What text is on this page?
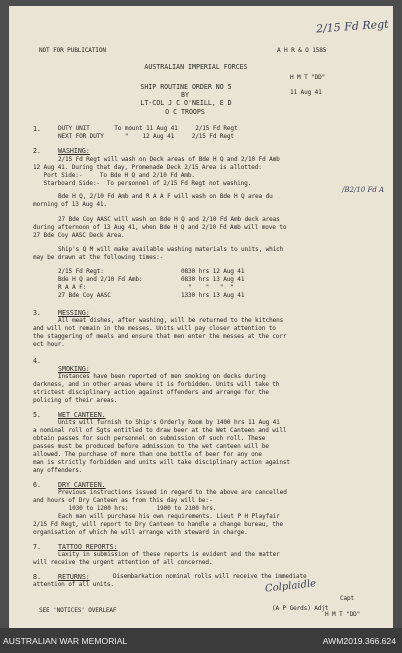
2/15 Fd Regt
NOT FOR PUBLICATION	A H R & O 1585
AUSTRALIAN IMPERIAL FORCES
SHIP ROUTINE ORDER NO 5
H M T "DD"
BY	11 Aug 41
LT-COL J C O'NEILL, E D
O C TROOPS
1.	DUTY UNIT       To mount 11 Aug 41     2/15 Fd Regt
NEXT FOR DUTY      "    12 Aug 41     2/15 Fd Regt
2.	WASHING:
2/15 Fd Regt will wash on Deck areas of Bde H Q and 2/10 Fd Amb
12 Aug 41. During that day, Promenade Deck 2/15 Area is allotted:
Port Side:-     To Bde H Q and 2/10 Fd Amb.
Starboard Side:-  To personnel of 2/15 Fd Regt not washing.
Bde H Q, 2/10 Fd Amb and R A A F will wash on Bde H Q area du
/B2/10 Fd A
morning of 13 Aug 41.
27 Bde Coy AASC will wash on Bde H Q and 2/10 Fd Amb deck areas
during afternoon of 13 Aug 41, when Bde H Q and 2/10 Fd Amb will move to
27 Bde Coy AASC Deck Area.
Ship's Q M will make available washing materials to units, which
may be drawn at the following times:-
2/15 Fd Regt:	0830 hrs 12 Aug 41
Bde H Q and 2/10 Fd Amb:	0830 hrs 13 Aug 41
R A A F:	"    "   "  "
27 Bde Coy AASC	1330 hrs 13 Aug 41
3.	MESSING:
All meat dishes, after washing, will be returned to the kitchens
and will not remain in the messes. Units will pay closer attention to
the staggering of meals and ensure that men enter the messes at the corr
ect hour.
4.
SMOKING:
Instances have been reported of men smoking on decks during
darkness, and in other areas where it is forbidden. Units will take th
strictest disciplinary action against offenders and arrange for the
policing of their areas.
5.	WET CANTEEN.
Units will furnish to Ship's Orderly Room by 1400 hrs 11 Aug 41
a nominal roll of Sgts entitled to draw beer at the Wet Canteen and will
obtain passes for such personnel on submission of such roll. These
passes must be produced before admission to the wet canteen will be
allowed. The purchase of more than one bottle of beer for any one
man is strictly forbidden and units will take disciplinary action against
any offenders.
6.	DRY CANTEEN.
Previous instructions issued in regard to the above are cancelled
and hours of Dry Canteen as from this day will be:-
1030 to 1200 hrs:        1900 to 2100 hrs.
Each man will purchase his own requirements. Lieut P H Playfair
2/15 Fd Regt, will report to Dry Canteen to handle a change bureau, the
organisation of which he will arrange with steward in charge.
7.	TATTOO REPORTS:
Laxity in submission of these reports is evident and the matter
will receive the urgent attention of all concerned.
8.	RETURNS:	Disembarkation nominal rolls will receive the immediate
attention of all units.	Colplaidle
Capt
(A P Gerds) Adjt
H M T "DD"
SEE 'NOTICES' OVERLEAF
AUSTRALIAN WAR MEMORIAL	AWM2019.366.624
